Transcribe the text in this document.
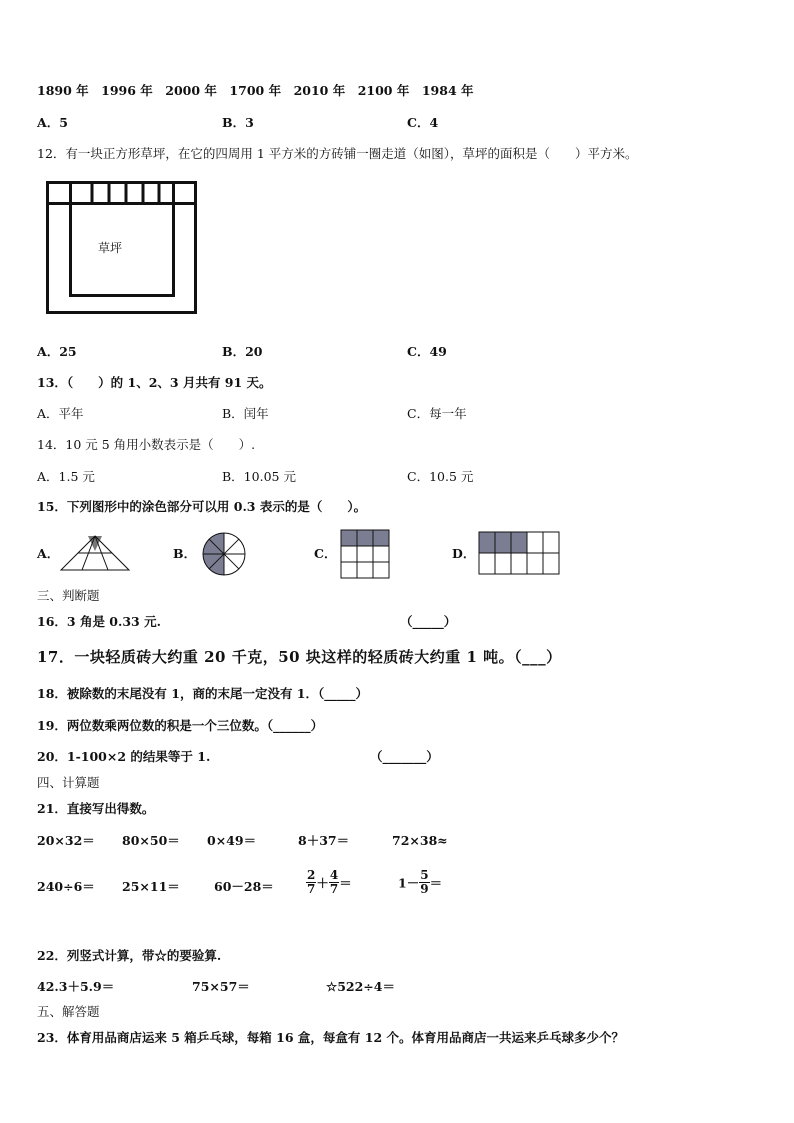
1890 年　1996 年　2000 年　1700 年　2010 年　2100 年　1984 年
A．5	B．3	C．4
12．有一块正方形草坪，在它的四周用 1 平方米的方砖铺一圈走道（如图），草坪的面积是（　　）平方米。
草坪
A．25	B．20	C．49
13．（　　）的 1、2、3 月共有 91 天。
A．平年	B．闰年	C．每一年
14．10 元 5 角用小数表示是（　　）.
A．1.5 元	B．10.05 元	C．10.5 元
15．下列图形中的涂色部分可以用 0.3 表示的是（　　）。
A．	B．	C．	D．
三、判断题
16．3 角是 0.33 元.	（_____）
17．一块轻质砖大约重 20 千克，50 块这样的轻质砖大约重 1 吨。（___）
18．被除数的末尾没有 1，商的末尾一定没有 1．（_____）
19．两位数乘两位数的积是一个三位数。（______）
20．1-100×2 的结果等于 1.	（_______）
四、计算题
21．直接写出得数。
20×32＝ 80×50＝ 0×49＝	8＋37＝	72×38≈
240÷6＝ 25×11＝	60－28＝	$\frac{2}{7} + \frac{4}{7}$ ＝	$1- \frac{5}{9}$ ＝
22．列竖式计算，带☆的要验算.
42.3＋5.9＝	75×57＝	☆522÷4＝
五、解答题
23．体育用品商店运来 5 箱乒乓球，每箱 16 盒，每盒有 12 个。体育用品商店一共运来乒乓球多少个？
